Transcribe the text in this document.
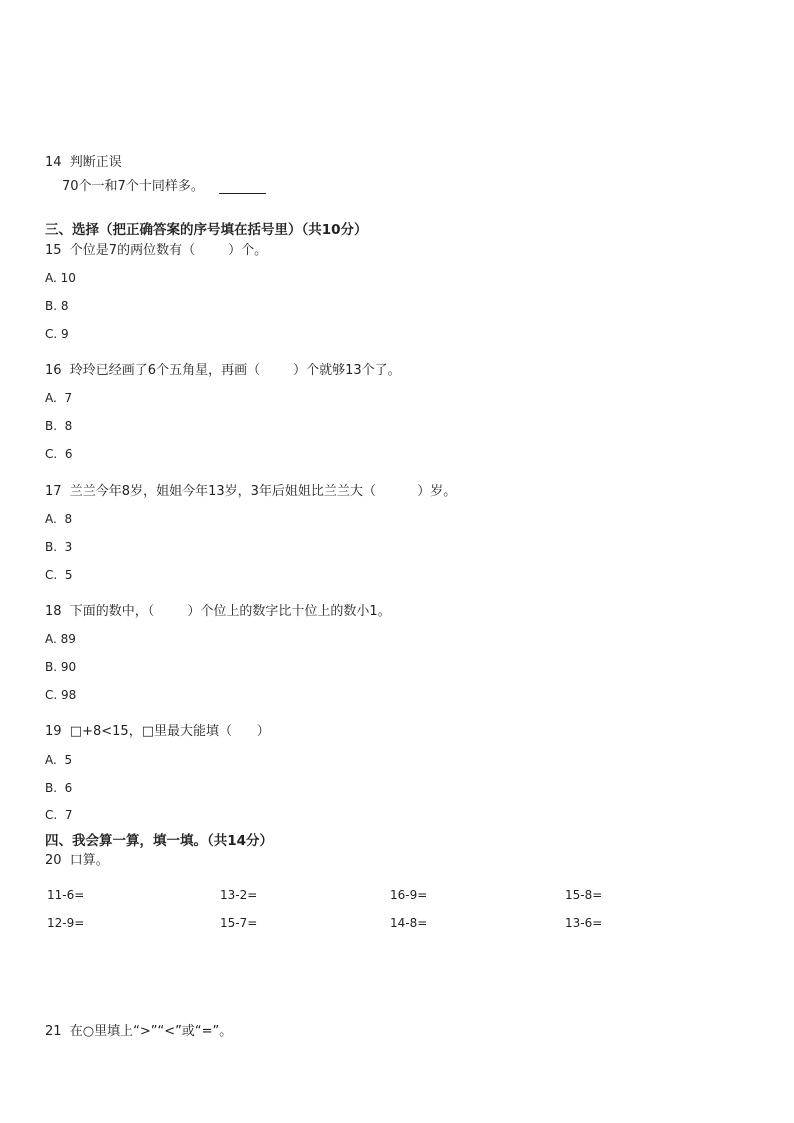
14  判断正误
70个一和7个十同样多。
三、选择（把正确答案的序号填在括号里）（共10分）
15  个位是7的两位数有（        ）个。
A. 10
B. 8
C. 9
16  玲玲已经画了6个五角星，再画（        ）个就够13个了。
A.  7
B.  8
C.  6
17  兰兰今年8岁，姐姐今年13岁，3年后姐姐比兰兰大（          ）岁。
A.  8
B.  3
C.  5
18  下面的数中，（        ）个位上的数字比十位上的数小1。
A. 89
B. 90
C. 98
19  □+8<15，□里最大能填（      ）
A.  5
B.  6
C.  7
四、我会算一算，填一填。（共14分）
20  口算。
11-6=	13-2=	16-9=	15-8=
12-9=	15-7=	14-8=	13-6=
21  在○里填上“>”“<”或“=”。
